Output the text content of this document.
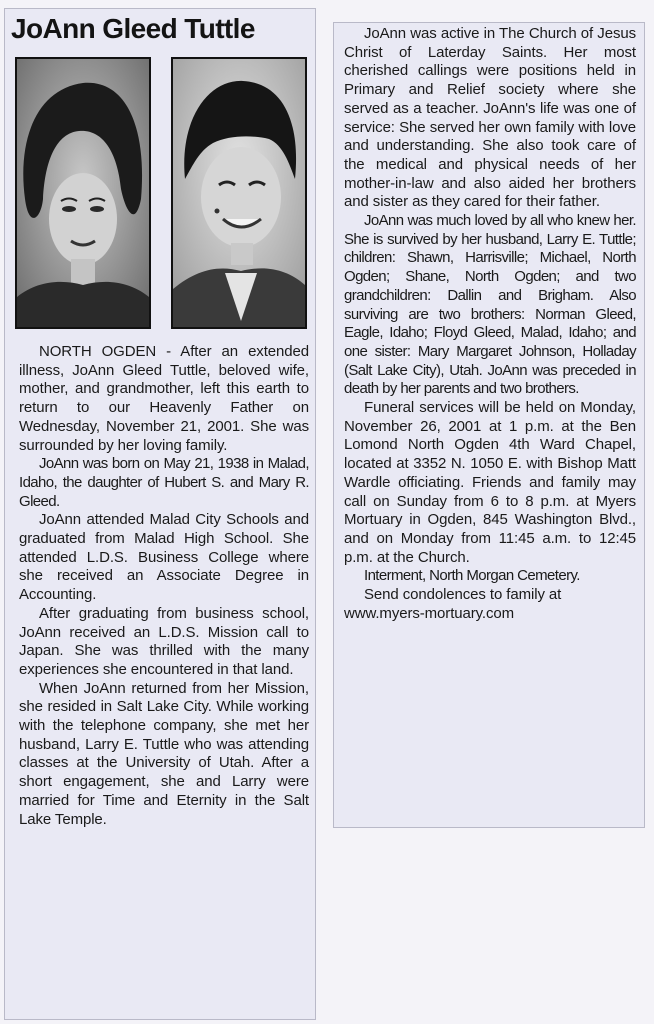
JoAnn Gleed Tuttle

NORTH OGDEN - After an extended illness, JoAnn Gleed Tuttle, beloved wife, mother, and grandmother, left this earth to return to our Heavenly Father on Wednesday, November 21, 2001. She was surrounded by her loving family.

JoAnn was born on May 21, 1938 in Malad, Idaho, the daughter of Hubert S. and Mary R. Gleed.

JoAnn attended Malad City Schools and graduated from Malad High School. She attended L.D.S. Business College where she received an Associate Degree in Accounting.

After graduating from business school, JoAnn received an L.D.S. Mission call to Japan. She was thrilled with the many experiences she encountered in that land.

When JoAnn returned from her Mission, she resided in Salt Lake City. While working with the telephone company, she met her husband, Larry E. Tuttle who was attending classes at the University of Utah. After a short engagement, she and Larry were married for Time and Eternity in the Salt Lake Temple.

JoAnn was active in The Church of Jesus Christ of Laterday Saints. Her most cherished callings were positions held in Primary and Relief society where she served as a teacher. JoAnn's life was one of service: She served her own family with love and understanding. She also took care of the medical and physical needs of her mother-in-law and also aided her brothers and sister as they cared for their father.

JoAnn was much loved by all who knew her. She is survived by her husband, Larry E. Tuttle; children: Shawn, Harrisville; Michael, North Ogden; Shane, North Ogden; and two grandchildren: Dallin and Brigham. Also surviving are two brothers: Norman Gleed, Eagle, Idaho; Floyd Gleed, Malad, Idaho; and one sister: Mary Margaret Johnson, Holladay (Salt Lake City), Utah. JoAnn was preceded in death by her parents and two brothers.

Funeral services will be held on Monday, November 26, 2001 at 1 p.m. at the Ben Lomond North Ogden 4th Ward Chapel, located at 3352 N. 1050 E. with Bishop Matt Wardle officiating. Friends and family may call on Sunday from 6 to 8 p.m. at Myers Mortuary in Ogden, 845 Washington Blvd., and on Monday from 11:45 a.m. to 12:45 p.m. at the Church.

Interment, North Morgan Cemetery.

Send condolences to family at www.myers-mortuary.com
